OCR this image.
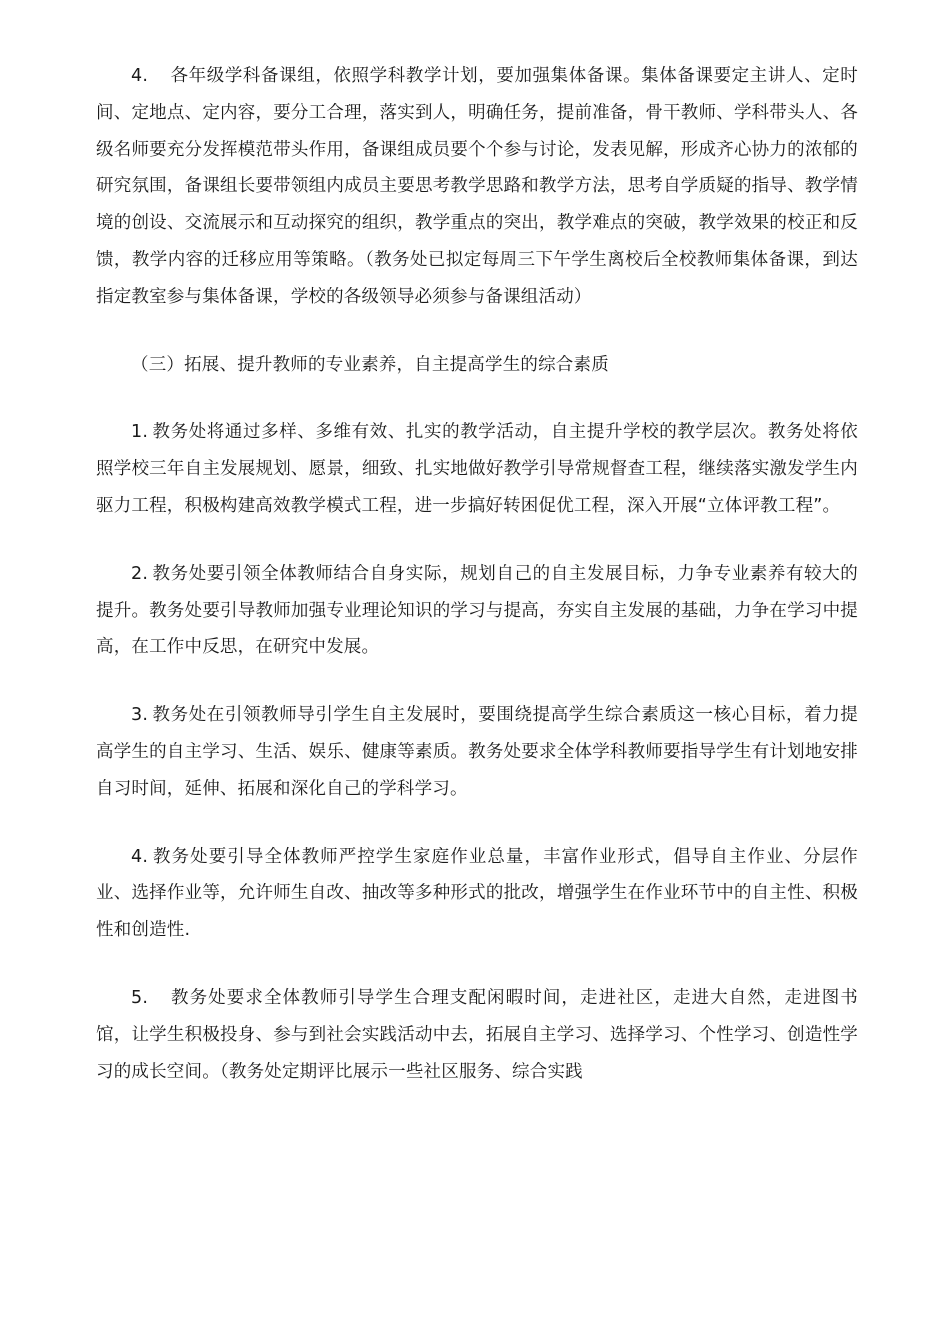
4. 各年级学科备课组，依照学科教学计划，要加强集体备课。集体备课要定主讲人、定时间、定地点、定内容，要分工合理，落实到人，明确任务，提前准备，骨干教师、学科带头人、各级名师要充分发挥模范带头作用，备课组成员要个个参与讨论，发表见解，形成齐心协力的浓郁的研究氛围，备课组长要带领组内成员主要思考教学思路和教学方法，思考自学质疑的指导、教学情境的创设、交流展示和互动探究的组织，教学重点的突出，教学难点的突破，教学效果的校正和反馈，教学内容的迁移应用等策略。（教务处已拟定每周三下午学生离校后全校教师集体备课，到达指定教室参与集体备课，学校的各级领导必须参与备课组活动）

（三）拓展、提升教师的专业素养，自主提高学生的综合素质

1. 教务处将通过多样、多维有效、扎实的教学活动，自主提升学校的教学层次。教务处将依照学校三年自主发展规划、愿景，细致、扎实地做好教学引导常规督查工程，继续落实激发学生内驱力工程，积极构建高效教学模式工程，进一步搞好转困促优工程，深入开展“立体评教工程”。

2. 教务处要引领全体教师结合自身实际，规划自己的自主发展目标，力争专业素养有较大的提升。教务处要引导教师加强专业理论知识的学习与提高，夯实自主发展的基础，力争在学习中提高，在工作中反思，在研究中发展。

3. 教务处在引领教师导引学生自主发展时，要围绕提高学生综合素质这一核心目标，着力提高学生的自主学习、生活、娱乐、健康等素质。教务处要求全体学科教师要指导学生有计划地安排自习时间，延伸、拓展和深化自己的学科学习。

4. 教务处要引导全体教师严控学生家庭作业总量，丰富作业形式，倡导自主作业、分层作业、选择作业等，允许师生自改、抽改等多种形式的批改，增强学生在作业环节中的自主性、积极性和创造性.

5. 教务处要求全体教师引导学生合理支配闲暇时间，走进社区，走进大自然，走进图书馆，让学生积极投身、参与到社会实践活动中去，拓展自主学习、选择学习、个性学习、创造性学习的成长空间。（教务处定期评比展示一些社区服务、综合实践
